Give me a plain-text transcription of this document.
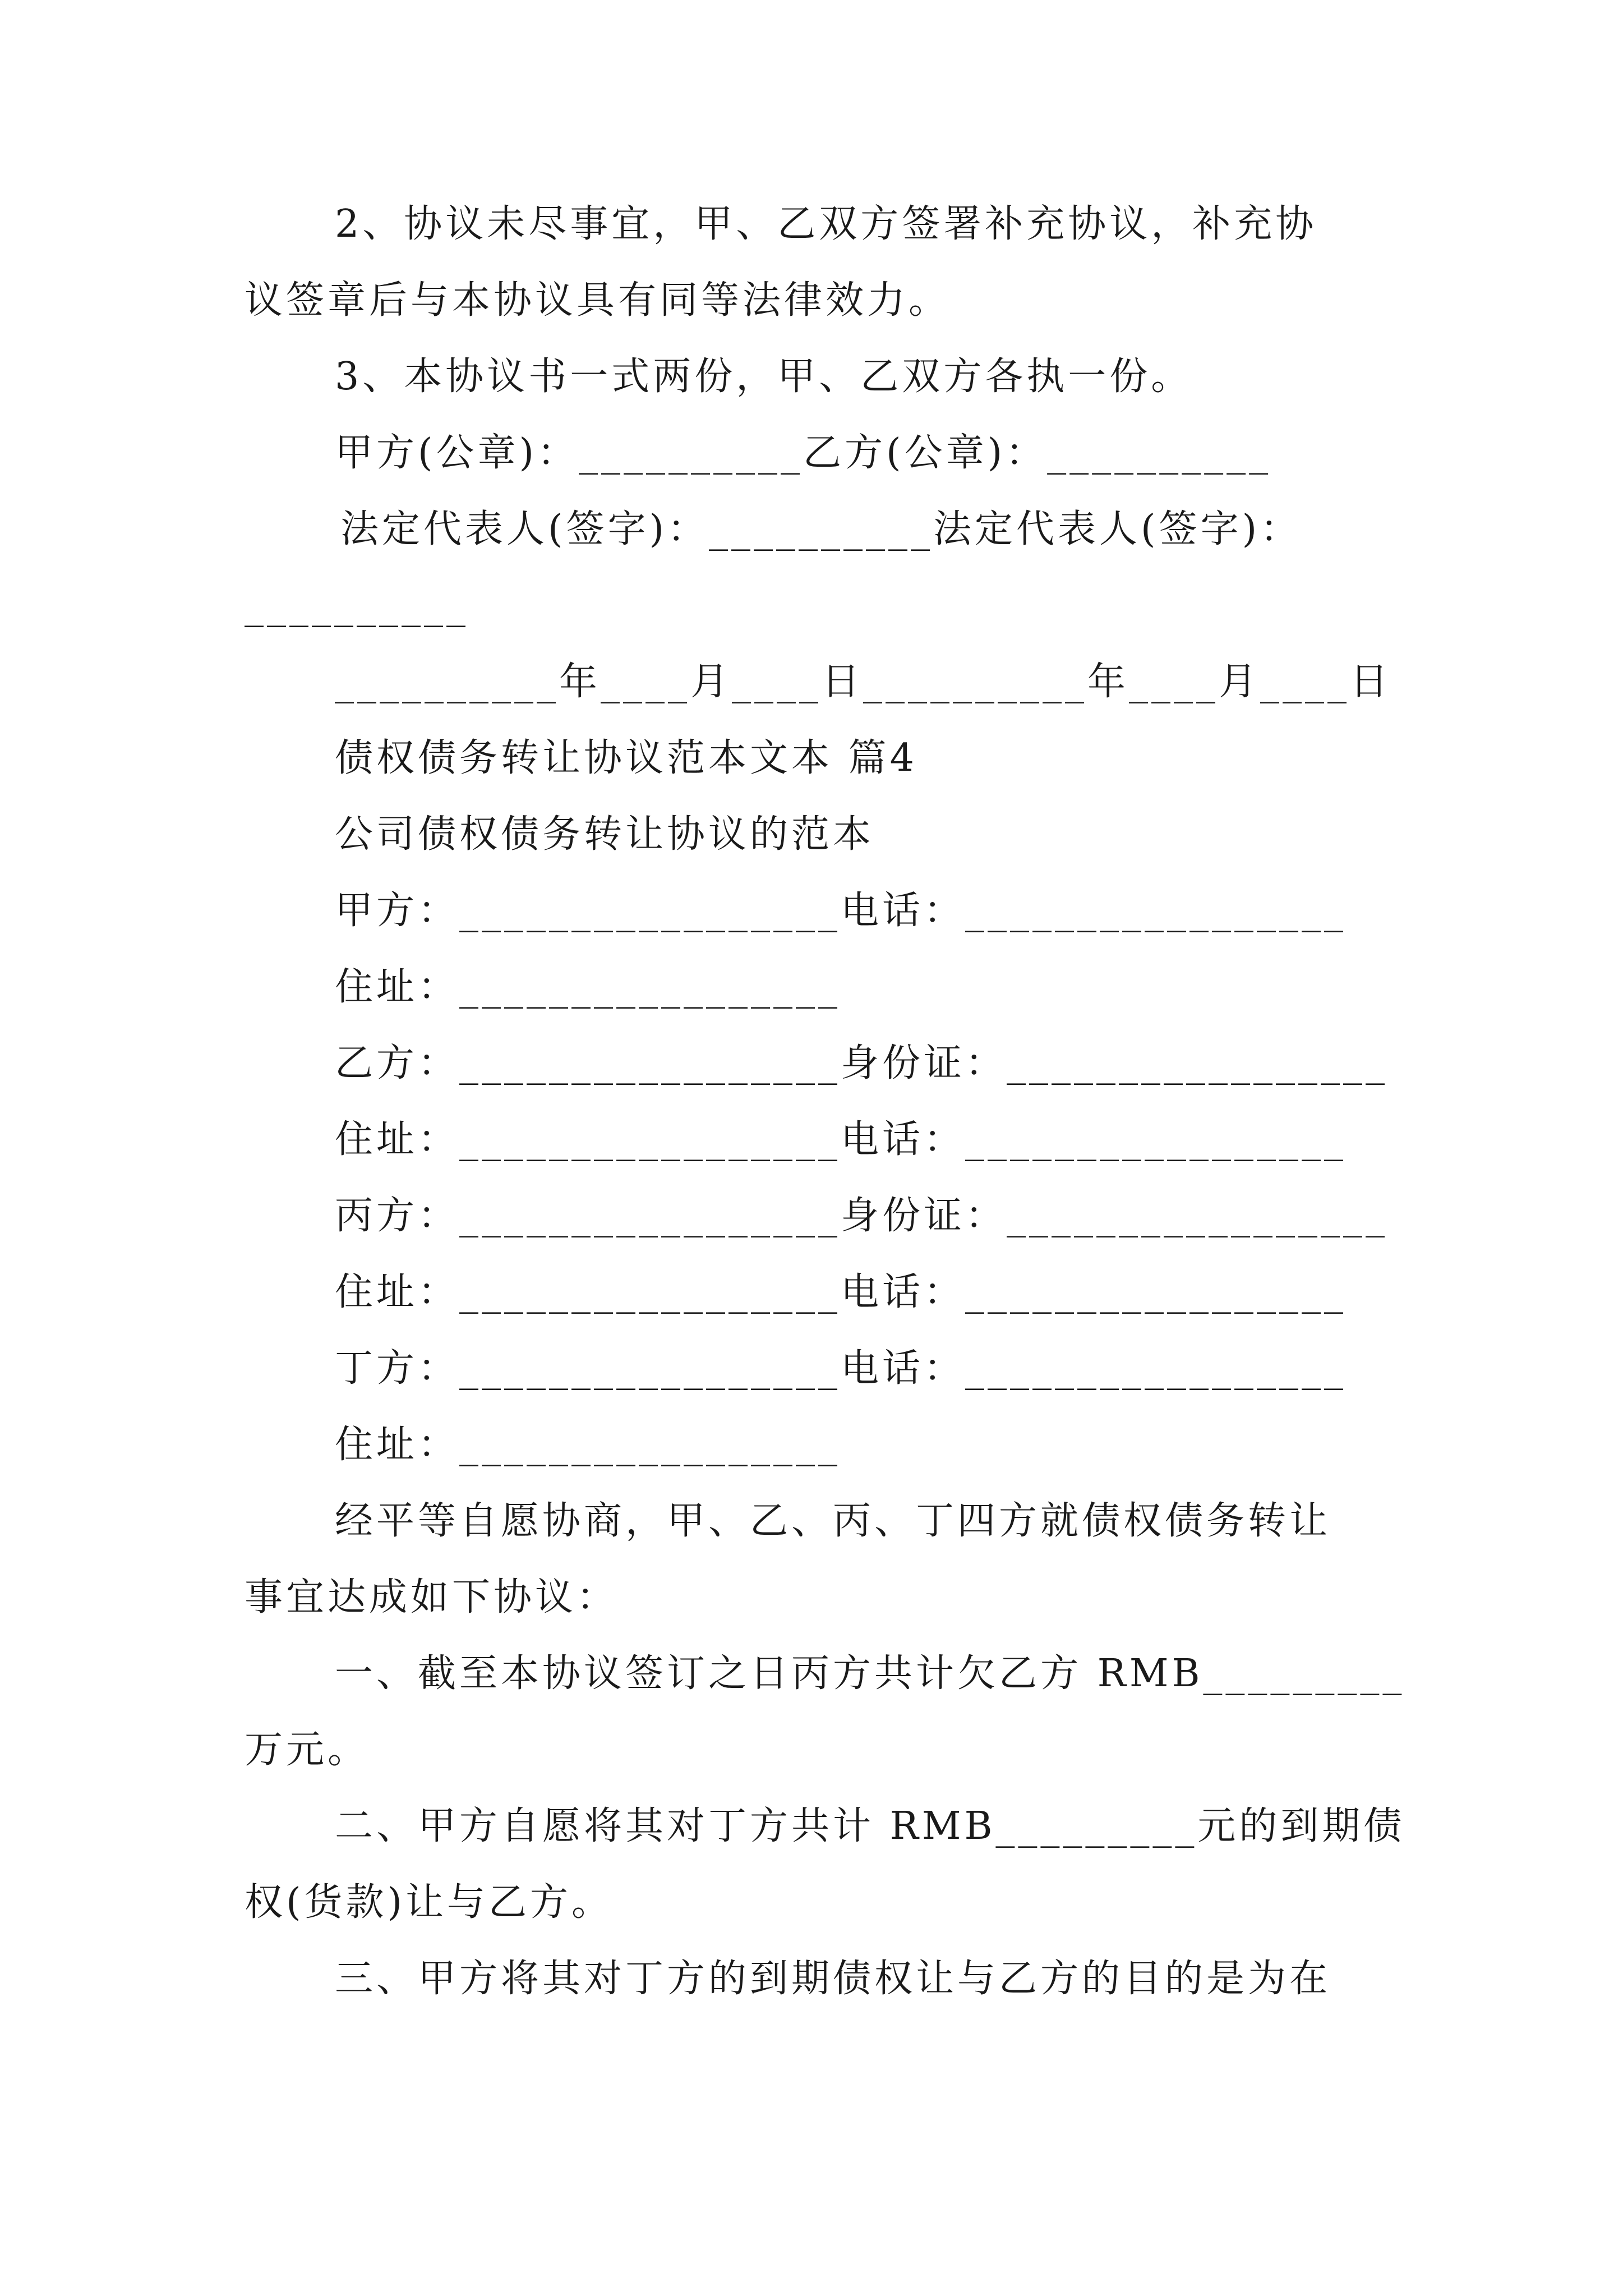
2、协议未尽事宜，甲、乙双方签署补充协议，补充协
议签章后与本协议具有同等法律效力。
3、本协议书一式两份，甲、乙双方各执一份。
甲方(公章)：__________乙方(公章)：__________
法定代表人(签字)：__________法定代表人(签字)：
__________
__________年____月____日__________年____月____日
债权债务转让协议范本文本 篇4
公司债权债务转让协议的范本
甲方：_________________电话：_________________
住址：_________________
乙方：_________________身份证：_________________
住址：_________________电话：_________________
丙方：_________________身份证：_________________
住址：_________________电话：_________________
丁方：_________________电话：_________________
住址：_________________
经平等自愿协商，甲、乙、丙、丁四方就债权债务转让
事宜达成如下协议：
一、截至本协议签订之日丙方共计欠乙方 RMB_________
万元。
二、甲方自愿将其对丁方共计 RMB_________元的到期债
权(货款)让与乙方。
三、甲方将其对丁方的到期债权让与乙方的目的是为在
